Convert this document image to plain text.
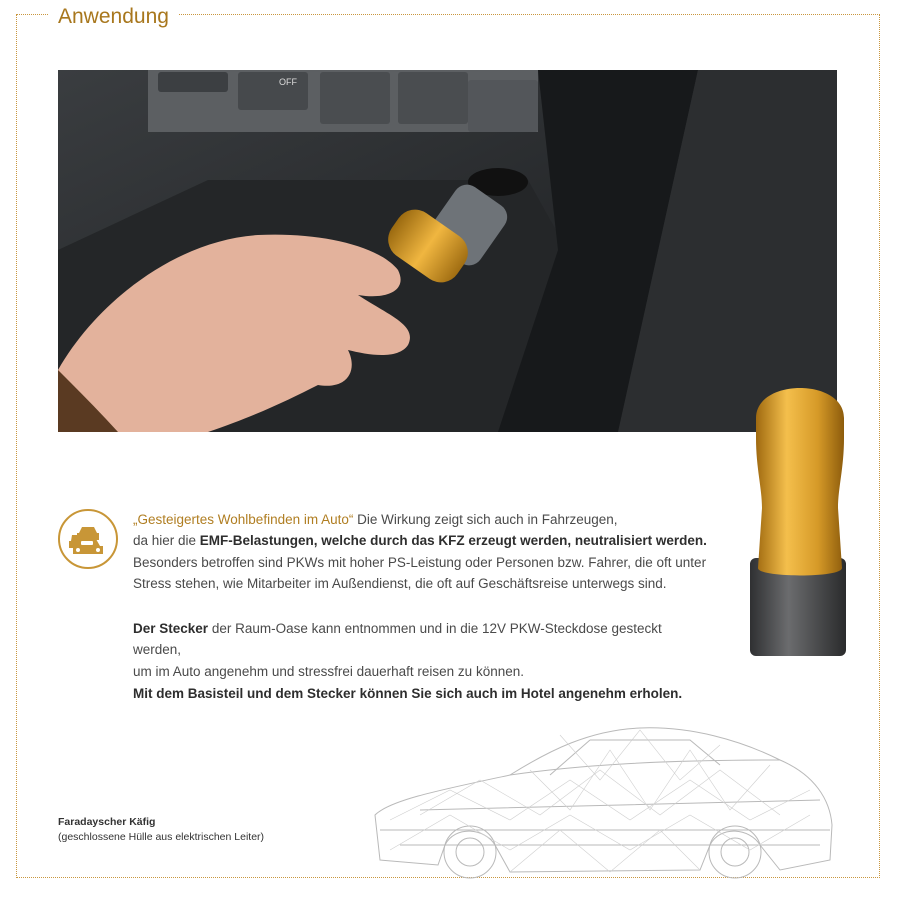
Anwendung
OFF
„Gesteigertes Wohlbefinden im Auto“ Die Wirkung zeigt sich auch in Fahrzeugen,
da hier die EMF-Belastungen, welche durch das KFZ erzeugt werden, neutralisiert werden.
Besonders betroffen sind PKWs mit hoher PS-Leistung oder Personen bzw. Fahrer, die oft unter
Stress stehen, wie Mitarbeiter im Außendienst, die oft auf Geschäftsreise unterwegs sind.
Der Stecker der Raum-Oase kann entnommen und in die 12V PKW-Steckdose gesteckt werden,
um im Auto angenehm und stressfrei dauerhaft reisen zu können.
Mit dem Basisteil und dem Stecker können Sie sich auch im Hotel angenehm erholen.
Faradayscher Käfig
(geschlossene Hülle aus elektrischen Leiter)
